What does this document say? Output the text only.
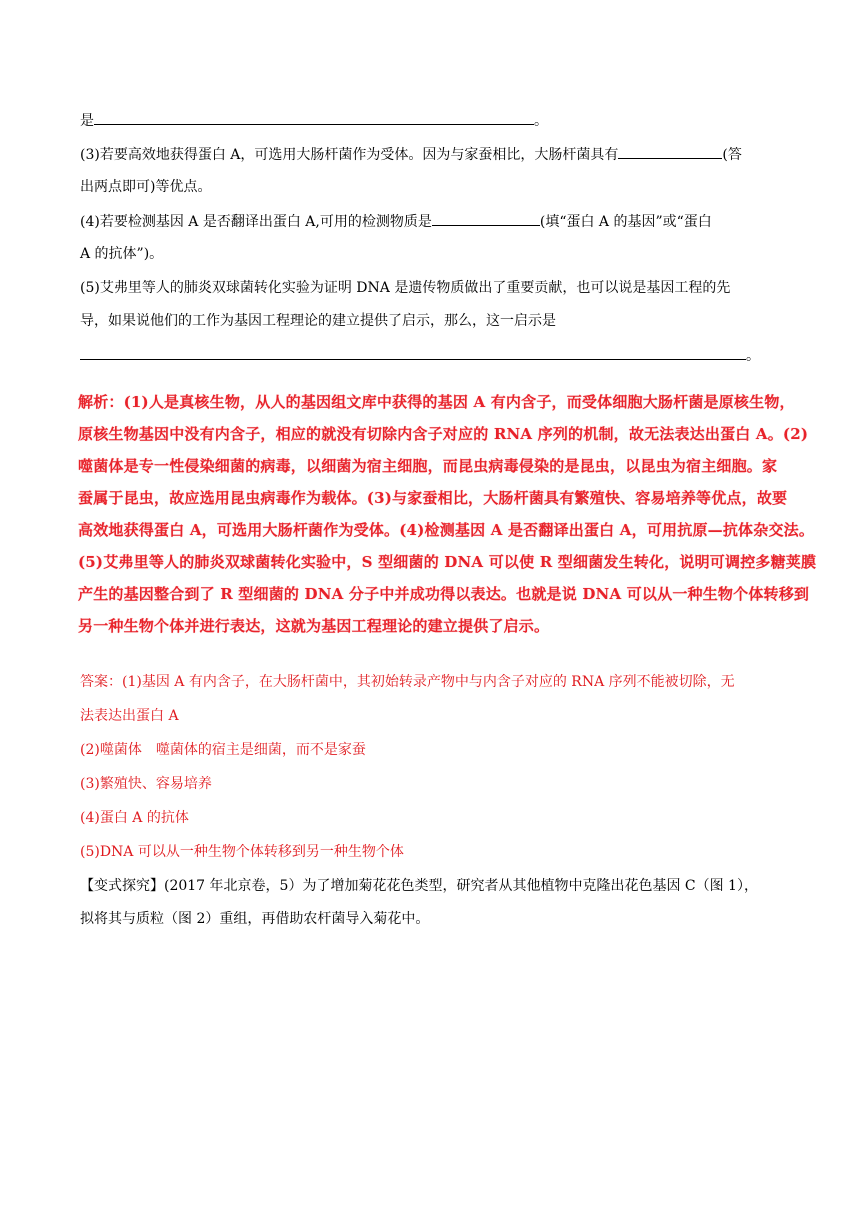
是	。
(3)若要高效地获得蛋白 A，可选用大肠杆菌作为受体。因为与家蚕相比，大肠杆菌具有	(答
出两点即可)等优点。
(4)若要检测基因 A 是否翻译出蛋白 A,可用的检测物质是	(填“蛋白 A 的基因”或“蛋白
A 的抗体”)。
(5)艾弗里等人的肺炎双球菌转化实验为证明 DNA 是遗传物质做出了重要贡献，也可以说是基因工程的先
导，如果说他们的工作为基因工程理论的建立提供了启示，那么，这一启示是
。
解析：(1)人是真核生物，从人的基因组文库中获得的基因 A 有内含子，而受体细胞大肠杆菌是原核生物，
原核生物基因中没有内含子，相应的就没有切除内含子对应的 RNA 序列的机制，故无法表达出蛋白 A。(2)
噬菌体是专一性侵染细菌的病毒，以细菌为宿主细胞，而昆虫病毒侵染的是昆虫，以昆虫为宿主细胞。家
蚕属于昆虫，故应选用昆虫病毒作为载体。(3)与家蚕相比，大肠杆菌具有繁殖快、容易培养等优点，故要
高效地获得蛋白 A，可选用大肠杆菌作为受体。(4)检测基因 A 是否翻译出蛋白 A，可用抗原—抗体杂交法。
(5)艾弗里等人的肺炎双球菌转化实验中，S 型细菌的 DNA 可以使 R 型细菌发生转化，说明可调控多糖荚膜
产生的基因整合到了 R 型细菌的 DNA 分子中并成功得以表达。也就是说 DNA 可以从一种生物个体转移到
另一种生物个体并进行表达，这就为基因工程理论的建立提供了启示。
答案：(1)基因 A 有内含子，在大肠杆菌中，其初始转录产物中与内含子对应的 RNA 序列不能被切除，无
法表达出蛋白 A
(2)噬菌体　噬菌体的宿主是细菌，而不是家蚕
(3)繁殖快、容易培养
(4)蛋白 A 的抗体
(5)DNA 可以从一种生物个体转移到另一种生物个体
【变式探究】(2017 年北京卷，5）为了增加菊花花色类型，研究者从其他植物中克隆出花色基因 C（图 1），
拟将其与质粒（图 2）重组，再借助农杆菌导入菊花中。
